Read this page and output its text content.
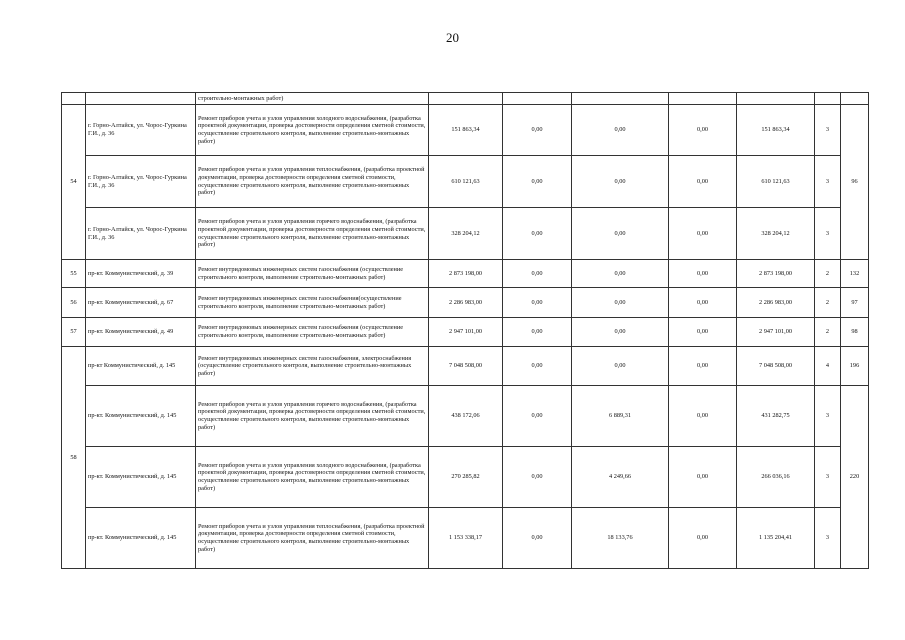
20
		строительно-монтажных работ)							
54	г. Горно-Алтайск, ул. Чорос-Гуркина Г.И., д. 36	Ремонт приборов учета и узлов управления холодного водоснабжения, (разработка проектной документации, проверка достоверности определения сметной стоимости, осуществление строительного контроля, выполнение строительно-монтажных работ)	151 863,34	0,00	0,00	0,00	151 863,34	3	96
	г. Горно-Алтайск, ул. Чорос-Гуркина Г.И., д. 36	Ремонт приборов учета и узлов управления теплоснабжения, (разработка проектной документации, проверка достоверности определения сметной стоимости, осуществление строительного контроля, выполнение строительно-монтажных работ)	610 121,63	0,00	0,00	0,00	610 121,63	3	
	г. Горно-Алтайск, ул. Чорос-Гуркина Г.И., д. 36	Ремонт приборов учета и узлов управления горячего водоснабжения, (разработка проектной документации, проверка достоверности определения сметной стоимости, осуществление строительного контроля, выполнение строительно-монтажных работ)	328 204,12	0,00	0,00	0,00	328 204,12	3	
55	пр-кт. Коммунистический, д. 39	Ремонт внутридомовых инженерных систем газоснабжения (осуществление строительного контроля, выполнение строительно-монтажных работ)	2 873 198,00	0,00	0,00	0,00	2 873 198,00	2	132
56	пр-кт. Коммунистический, д. 67	Ремонт внутридомовых инженерных систем газоснабжения(осуществление строительного контроля, выполнение строительно-монтажных работ)	2 286 983,00	0,00	0,00	0,00	2 286 983,00	2	97
57	пр-кт. Коммунистический, д. 49	Ремонт внутридомовых инженерных систем газоснабжения (осуществление строительного контроля, выполнение строительно-монтажных работ)	2 947 101,00	0,00	0,00	0,00	2 947 101,00	2	98
58	пр-кт Коммунистический, д. 145	Ремонт внутридомовых инженерных систем газоснабжения, электроснабжения (осуществление строительного контроля, выполнение строительно-монтажных работ)	7 048 508,00	0,00	0,00	0,00	7 048 508,00	4	196
	пр-кт. Коммунистический, д. 145	Ремонт приборов учета и узлов управления горячего водоснабжения, (разработка проектной документации, проверка достоверности определения сметной стоимости, осуществление строительного контроля, выполнение строительно-монтажных работ)	438 172,06	0,00	6 889,31	0,00	431 282,75	3	220
	пр-кт. Коммунистический, д. 145	Ремонт приборов учета и узлов управления холодного водоснабжения, (разработка проектной документации, проверка достоверности определения сметной стоимости, осуществление строительного контроля, выполнение строительно-монтажных работ)	270 285,82	0,00	4 249,66	0,00	266 036,16	3	
	пр-кт. Коммунистический, д. 145	Ремонт приборов учета и узлов управления теплоснабжения, (разработка проектной документации, проверка достоверности определения сметной стоимости, осуществление строительного контроля, выполнение строительно-монтажных работ)	1 153 338,17	0,00	18 133,76	0,00	1 135 204,41	3	
